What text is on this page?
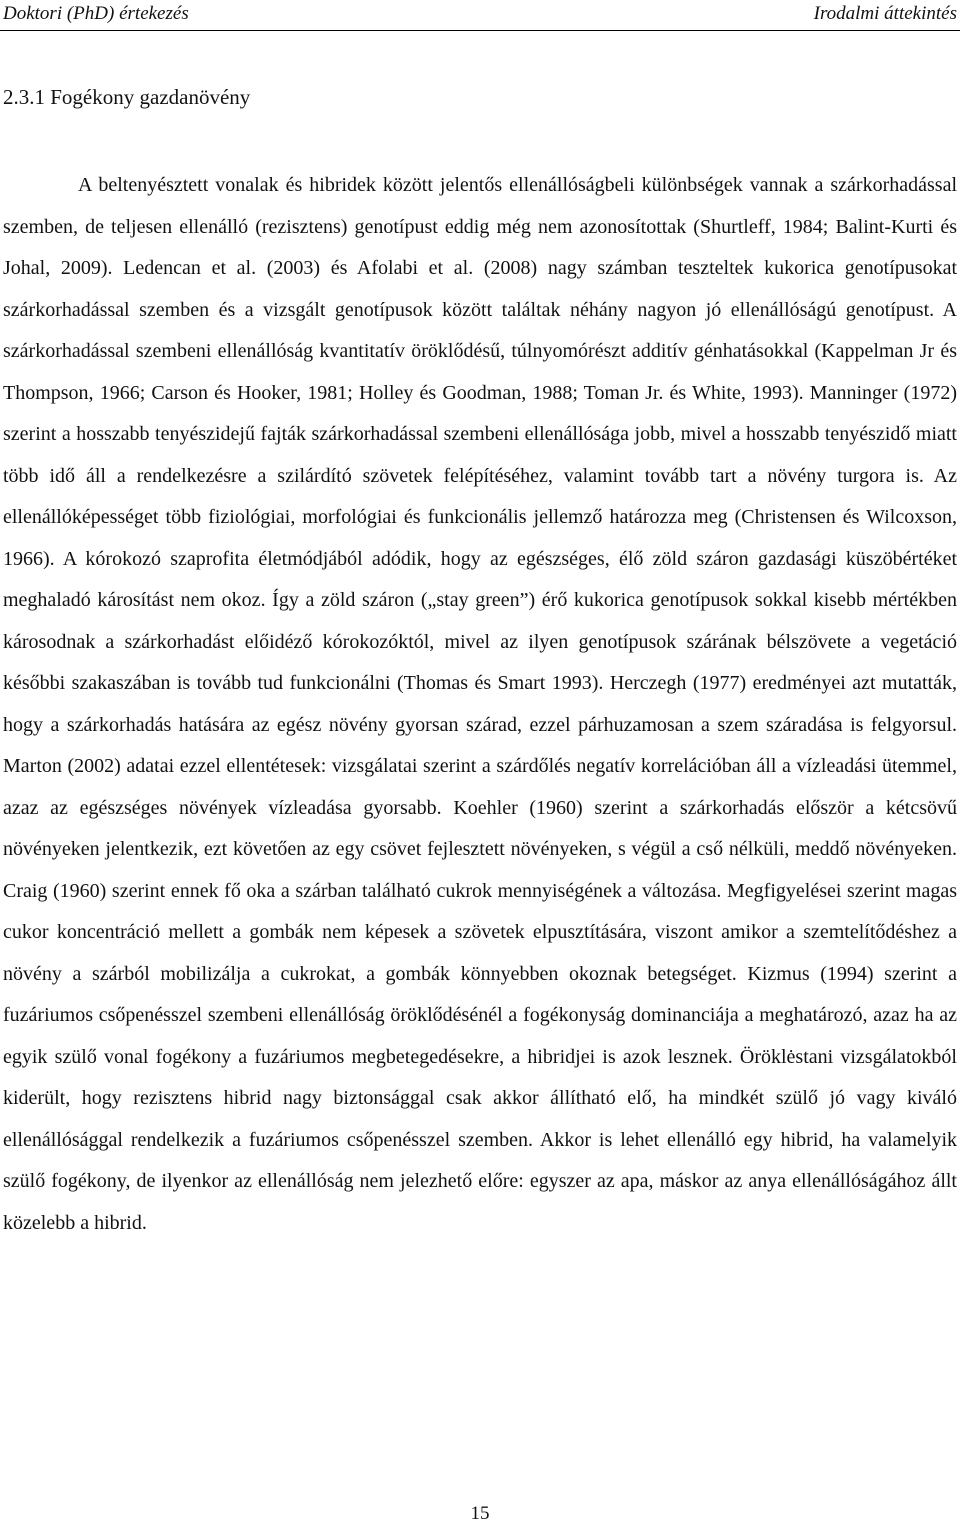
Doktori (PhD) értekezés	Irodalmi áttekintés
2.3.1 Fogékony gazdanövény

A beltenyésztett vonalak és hibridek között jelentős ellenállóságbeli különbségek vannak a szárkorhadással szemben, de teljesen ellenálló (rezisztens) genotípust eddig még nem azonosítottak (Shurtleff, 1984; Balint-Kurti és Johal, 2009). Ledencan et al. (2003) és Afolabi et al. (2008) nagy számban teszteltek kukorica genotípusokat szárkorhadással szemben és a vizsgált genotípusok között találtak néhány nagyon jó ellenállóságú genotípust. A szárkorhadással szembeni ellenállóság kvantitatív öröklődésű, túlnyomórészt additív génhatásokkal (Kappelman Jr és Thompson, 1966; Carson és Hooker, 1981; Holley és Goodman, 1988; Toman Jr. és White, 1993). Manninger (1972) szerint a hosszabb tenyészidejű fajták szárkorhadással szembeni ellenállósága jobb, mivel a hosszabb tenyészidő miatt több idő áll a rendelkezésre a szilárdító szövetek felépítéséhez, valamint tovább tart a növény turgora is. Az ellenállóképességet több fiziológiai, morfológiai és funkcionális jellemző határozza meg (Christensen és Wilcoxson, 1966). A kórokozó szaprofita életmódjából adódik, hogy az egészséges, élő zöld száron gazdasági küszöbértéket meghaladó károsítást nem okoz. Így a zöld száron („stay green”) érő kukorica genotípusok sokkal kisebb mértékben károsodnak a szárkorhadást előidéző kórokozóktól, mivel az ilyen genotípusok szárának bélszövete a vegetáció későbbi szakaszában is tovább tud funkcionálni (Thomas és Smart 1993). Herczegh (1977) eredményei azt mutatták, hogy a szárkorhadás hatására az egész növény gyorsan szárad, ezzel párhuzamosan a szem száradása is felgyorsul. Marton (2002) adatai ezzel ellentétesek: vizsgálatai szerint a szárdőlés negatív korrelációban áll a vízleadási ütemmel, azaz az egészséges növények vízleadása gyorsabb. Koehler (1960) szerint a szárkorhadás először a kétcsövű növényeken jelentkezik, ezt követően az egy csövet fejlesztett növényeken, s végül a cső nélküli, meddő növényeken. Craig (1960) szerint ennek fő oka a szárban található cukrok mennyiségének a változása. Megfigyelései szerint magas cukor koncentráció mellett a gombák nem képesek a szövetek elpusztítására, viszont amikor a szemtelítődéshez a növény a szárból mobilizálja a cukrokat, a gombák könnyebben okoznak betegséget. Kizmus (1994) szerint a fuzáriumos csőpenésszel szembeni ellenállóság öröklődésénél a fogékonyság dominanciája a meghatározó, azaz ha az egyik szülő vonal fogékony a fuzáriumos megbetegedésekre, a hibridjei is azok lesznek. Öröklėstani vizsgálatokból kiderült, hogy rezisztens hibrid nagy biztonsággal csak akkor állítható elő, ha mindkét szülő jó vagy kiváló ellenállósággal rendelkezik a fuzáriumos csőpenésszel szemben. Akkor is lehet ellenálló egy hibrid, ha valamelyik szülő fogékony, de ilyenkor az ellenállóság nem jelezhető előre: egyszer az apa, máskor az anya ellenállóságához állt közelebb a hibrid.

15
